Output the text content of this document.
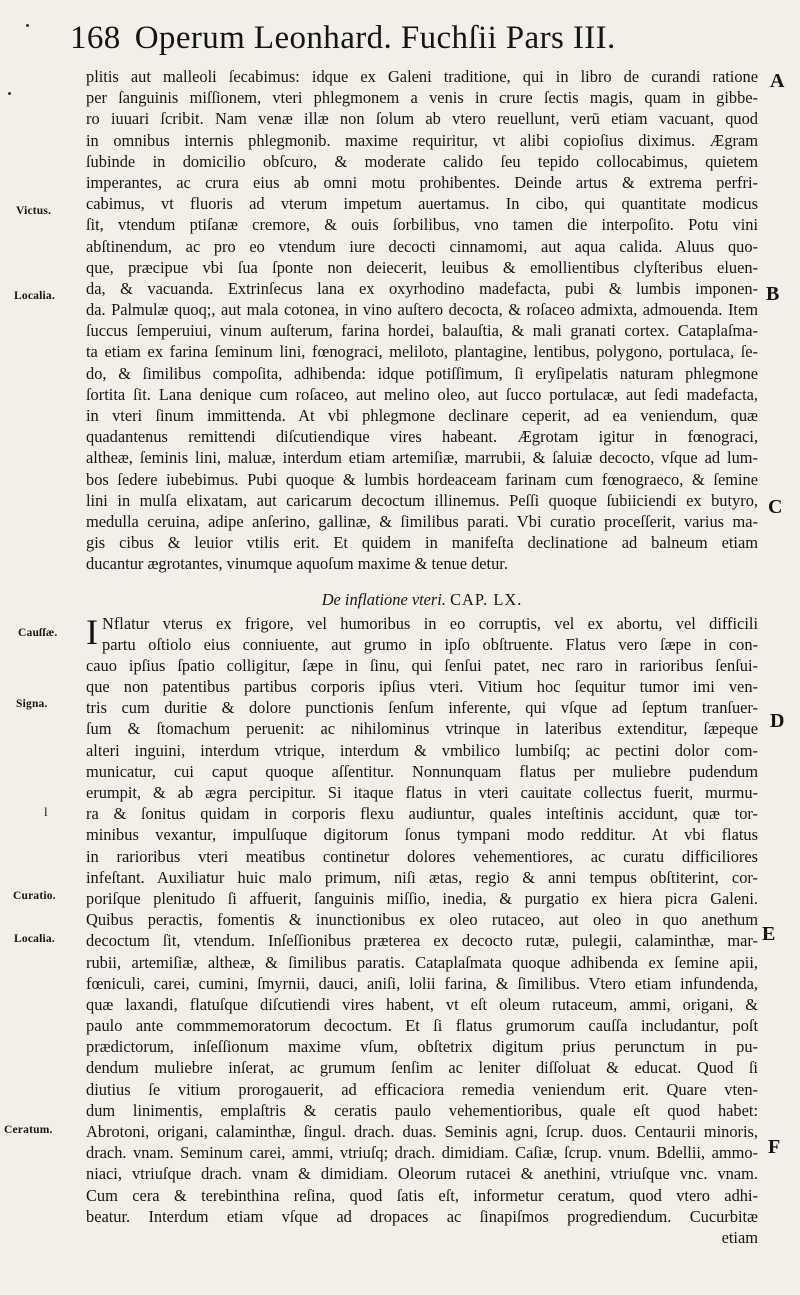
168 Operum Leonhard. Fuchſii Pars III.
Victus.
Localia.
Cauſſæ.
Signa.
l
Curatio.
Localia.
Ceratum.
A
B
C
D
E
F
plitis aut malleoli ſecabimus: idque ex Galeni traditione, qui in libro de curandi ratione
per ſanguinis miſſionem, vteri phlegmonem a venis in crure ſectis magis, quam in gibbe-
ro iuuari ſcribit. Nam venæ illæ non ſolum ab vtero reuellunt, verū etiam vacuant, quod
in omnibus internis phlegmonib. maxime requiritur, vt alibi copioſius diximus. Ægram
ſubinde in domicilio obſcuro, & moderate calido ſeu tepido collocabimus, quietem
imperantes, ac crura eius ab omni motu prohibentes. Deinde artus & extrema perfri-
cabimus, vt fluoris ad vterum impetum auertamus. In cibo, qui quantitate modicus
ſit, vtendum ptiſanæ cremore, & ouis ſorbilibus, vno tamen die interpoſito. Potu vini
abſtinendum, ac pro eo vtendum iure decocti cinnamomi, aut aqua calida. Aluus quo-
que, præcipue vbi ſua ſponte non deiecerit, leuibus & emollientibus clyſteribus eluen-
da, & vacuanda. Extrinſecus lana ex oxyrhodino madefacta, pubi & lumbis imponen-
da. Palmulæ quoq;, aut mala cotonea, in vino auſtero decocta, & roſaceo admixta, admouenda. Item
ſuccus ſemperuiui, vinum auſterum, farina hordei, balauſtia, & mali granati cortex. Cataplaſma-
ta etiam ex farina ſeminum lini, fœnograci, meliloto, plantagine, lentibus, polygono, portulaca, ſe-
do, & ſimilibus compoſita, adhibenda: idque potiſſimum, ſi eryſipelatis naturam phlegmone
ſortita ſit. Lana denique cum roſaceo, aut melino oleo, aut ſucco portulacæ, aut ſedi madefacta,
in vteri ſinum immittenda. At vbi phlegmone declinare ceperit, ad ea veniendum, quæ
quadantenus remittendi diſcutiendique vires habeant. Ægrotam igitur in fœnograci,
altheæ, ſeminis lini, maluæ, interdum etiam artemiſiæ, marrubii, & ſaluiæ decocto, vſque ad lum-
bos ſedere iubebimus. Pubi quoque & lumbis hordeaceam farinam cum fœnograeco, & ſemine
lini in mulſa elixatam, aut caricarum decoctum illinemus. Peſſi quoque ſubiiciendi ex butyro,
medulla ceruina, adipe anſerino, gallinæ, & ſimilibus parati. Vbi curatio proceſſerit, varius ma-
gis cibus & leuior vtilis erit. Et quidem in manifeſta declinatione ad balneum etiam
ducantur ægrotantes, vinumque aquoſum maxime & tenue detur.
De inflatione vteri. CAP. LX.
I Nflatur vterus ex frigore, vel humoribus in eo corruptis, vel ex abortu, vel difficili
partu oſtiolo eius conniuente, aut grumo in ipſo obſtruente. Flatus vero ſæpe in con-
cauo ipſius ſpatio colligitur, ſæpe in ſinu, qui ſenſui patet, nec raro in rarioribus ſenſui-
que non patentibus partibus corporis ipſius vteri. Vitium hoc ſequitur tumor imi ven-
tris cum duritie & dolore punctionis ſenſum inferente, qui vſque ad ſeptum tranſuer-
ſum & ſtomachum peruenit: ac nihilominus vtrinque in lateribus extenditur, ſæpeque
alteri inguini, interdum vtrique, interdum & vmbilico lumbiſq; ac pectini dolor com-
municatur, cui caput quoque aſſentitur. Nonnunquam flatus per muliebre pudendum
erumpit, & ab ægra percipitur. Si itaque flatus in vteri cauitate collectus fuerit, murmu-
ra & ſonitus quidam in corporis flexu audiuntur, quales inteſtinis accidunt, quæ tor-
minibus vexantur, impulſuque digitorum ſonus tympani modo redditur. At vbi flatus
in rarioribus vteri meatibus continetur dolores vehementiores, ac curatu difficiliores
infeſtant. Auxiliatur huic malo primum, niſi ætas, regio & anni tempus obſtiterint, cor-
poriſque plenitudo ſi affuerit, ſanguinis miſſio, inedia, & purgatio ex hiera picra Galeni.
Quibus peractis, fomentis & inunctionibus ex oleo rutaceo, aut oleo in quo anethum
decoctum ſit, vtendum. Inſeſſionibus præterea ex decocto rutæ, pulegii, calaminthæ, mar-
rubii, artemiſiæ, altheæ, & ſimilibus paratis. Cataplaſmata quoque adhibenda ex ſemine apii,
fœniculi, carei, cumini, ſmyrnii, dauci, aniſi, lolii farina, & ſimilibus. Vtero etiam infundenda,
quæ laxandi, flatuſque diſcutiendi vires habent, vt eſt oleum rutaceum, ammi, origani, &
paulo ante commmemoratorum decoctum. Et ſi flatus grumorum cauſſa includantur, poſt
prædictorum, inſeſſionum maxime vſum, obſtetrix digitum prius perunctum in pu-
dendum muliebre inſerat, ac grumum ſenſim ac leniter diſſoluat & educat. Quod ſi
diutius ſe vitium prorogauerit, ad efficaciora remedia veniendum erit. Quare vten-
dum linimentis, emplaſtris & ceratis paulo vehementioribus, quale eſt quod habet:
Abrotoni, origani, calaminthæ, ſingul. drach. duas. Seminis agni, ſcrup. duos. Centaurii minoris,
drach. vnam. Seminum carei, ammi, vtriuſq; drach. dimidiam. Caſiæ, ſcrup. vnum. Bdellii, ammo-
niaci, vtriuſque drach. vnam & dimidiam. Oleorum rutacei & anethini, vtriuſque vnc. vnam.
Cum cera & terebinthina reſina, quod ſatis eſt, informetur ceratum, quod vtero adhi-
beatur. Interdum etiam vſque ad dropaces ac ſinapiſmos progrediendum. Cucurbitæ
etiam
